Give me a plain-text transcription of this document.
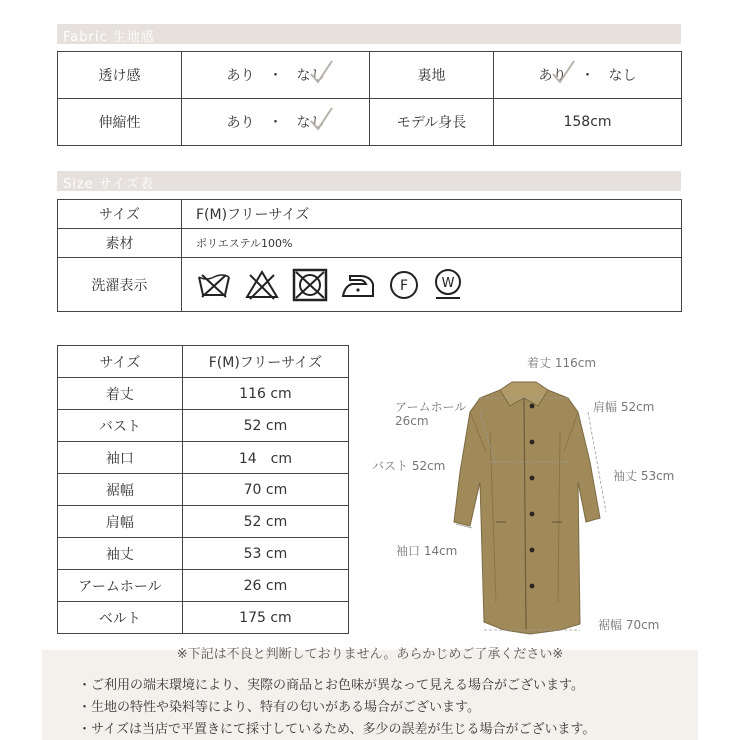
Fabric 生地感
透け感	あり　・　なし	裏地	あり　・　なし

伸縮性	あり　・　なし	モデル身長	158cm
Size サイズ表
サイズ	F(M)フリーサイズ
素材	ポリエステル100%
洗濯表示	F W
サイズ	F(M)フリーサイズ
着丈	116 cm
バスト	52 cm
袖口	14　cm
裾幅	70 cm
肩幅	52 cm
袖丈	53 cm
アームホール	26 cm
ベルト	175 cm
着丈 116cm
アームホール
26cm
肩幅 52cm
バスト 52cm
袖丈 53cm
袖口 14cm
裾幅 70cm
※下記は不良と判断しておりません。あらかじめご了承ください※
・ご利用の端末環境により、実際の商品とお色味が異なって見える場合がございます。
・生地の特性や染料等により、特有の匂いがある場合がございます。
・サイズは当店で平置きにて採寸しているため、多少の誤差が生じる場合がございます。
